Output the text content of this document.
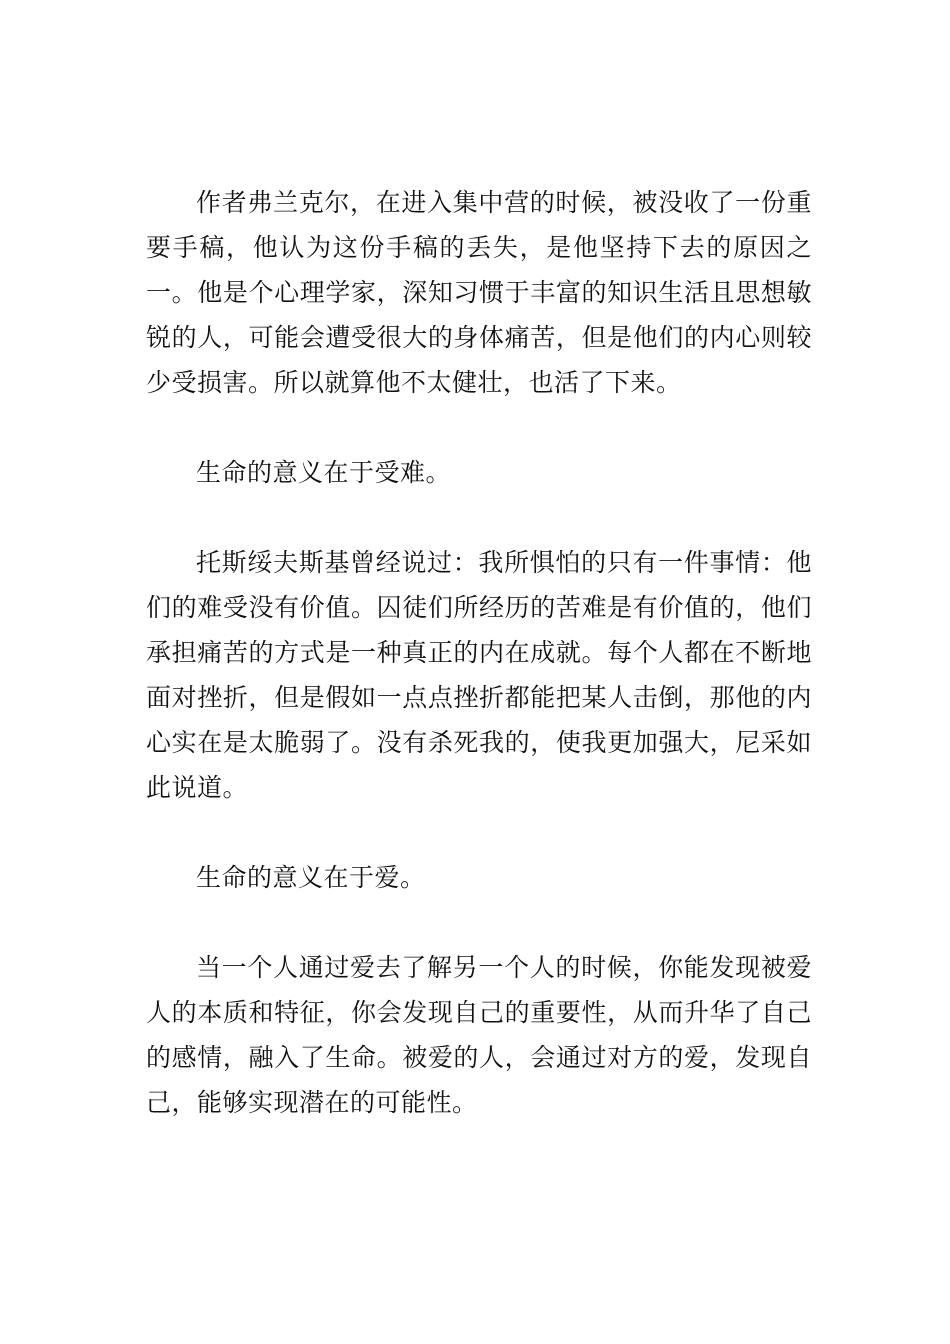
作者弗兰克尔，在进入集中营的时候，被没收了一份重要手稿，他认为这份手稿的丢失，是他坚持下去的原因之一。他是个心理学家，深知习惯于丰富的知识生活且思想敏锐的人，可能会遭受很大的身体痛苦，但是他们的内心则较少受损害。所以就算他不太健壮，也活了下来。

生命的意义在于受难。

托斯绥夫斯基曾经说过：我所惧怕的只有一件事情：他们的难受没有价值。囚徒们所经历的苦难是有价值的，他们承担痛苦的方式是一种真正的内在成就。每个人都在不断地面对挫折，但是假如一点点挫折都能把某人击倒，那他的内心实在是太脆弱了。没有杀死我的，使我更加强大，尼采如此说道。

生命的意义在于爱。

当一个人通过爱去了解另一个人的时候，你能发现被爱人的本质和特征，你会发现自己的重要性，从而升华了自己的感情，融入了生命。被爱的人，会通过对方的爱，发现自己，能够实现潜在的可能性。
